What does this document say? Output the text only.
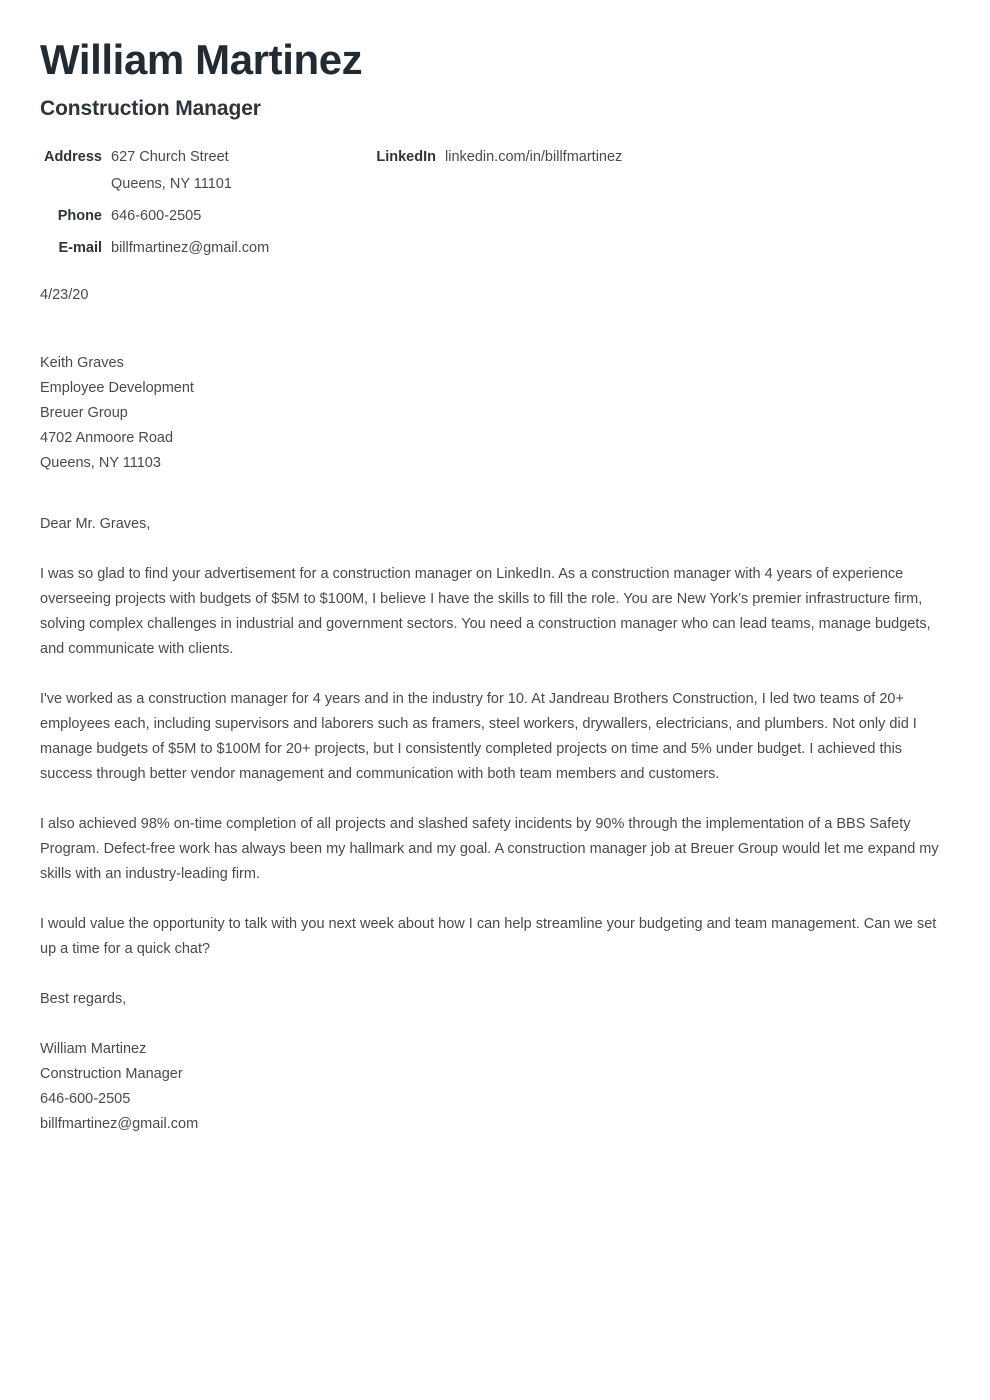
William Martinez
Construction Manager
Address 627 Church Street
Queens, NY 11101
Phone 646-600-2505
E-mail billfmartinez@gmail.com
LinkedIn linkedin.com/in/billfmartinez
4/23/20
Keith Graves
Employee Development
Breuer Group
4702 Anmoore Road
Queens, NY 11103
Dear Mr. Graves,

I was so glad to find your advertisement for a construction manager on LinkedIn. As a construction manager with 4 years of experience overseeing projects with budgets of $5M to $100M, I believe I have the skills to fill the role. You are New York’s premier infrastructure firm, solving complex challenges in industrial and government sectors. You need a construction manager who can lead teams, manage budgets, and communicate with clients.

I've worked as a construction manager for 4 years and in the industry for 10. At Jandreau Brothers Construction, I led two teams of 20+ employees each, including supervisors and laborers such as framers, steel workers, drywallers, electricians, and plumbers. Not only did I manage budgets of $5M to $100M for 20+ projects, but I consistently completed projects on time and 5% under budget. I achieved this success through better vendor management and communication with both team members and customers.

I also achieved 98% on-time completion of all projects and slashed safety incidents by 90% through the implementation of a BBS Safety Program. Defect-free work has always been my hallmark and my goal. A construction manager job at Breuer Group would let me expand my skills with an industry-leading firm.

I would value the opportunity to talk with you next week about how I can help streamline your budgeting and team management. Can we set up a time for a quick chat?

Best regards,
William Martinez
Construction Manager
646-600-2505
billfmartinez@gmail.com
